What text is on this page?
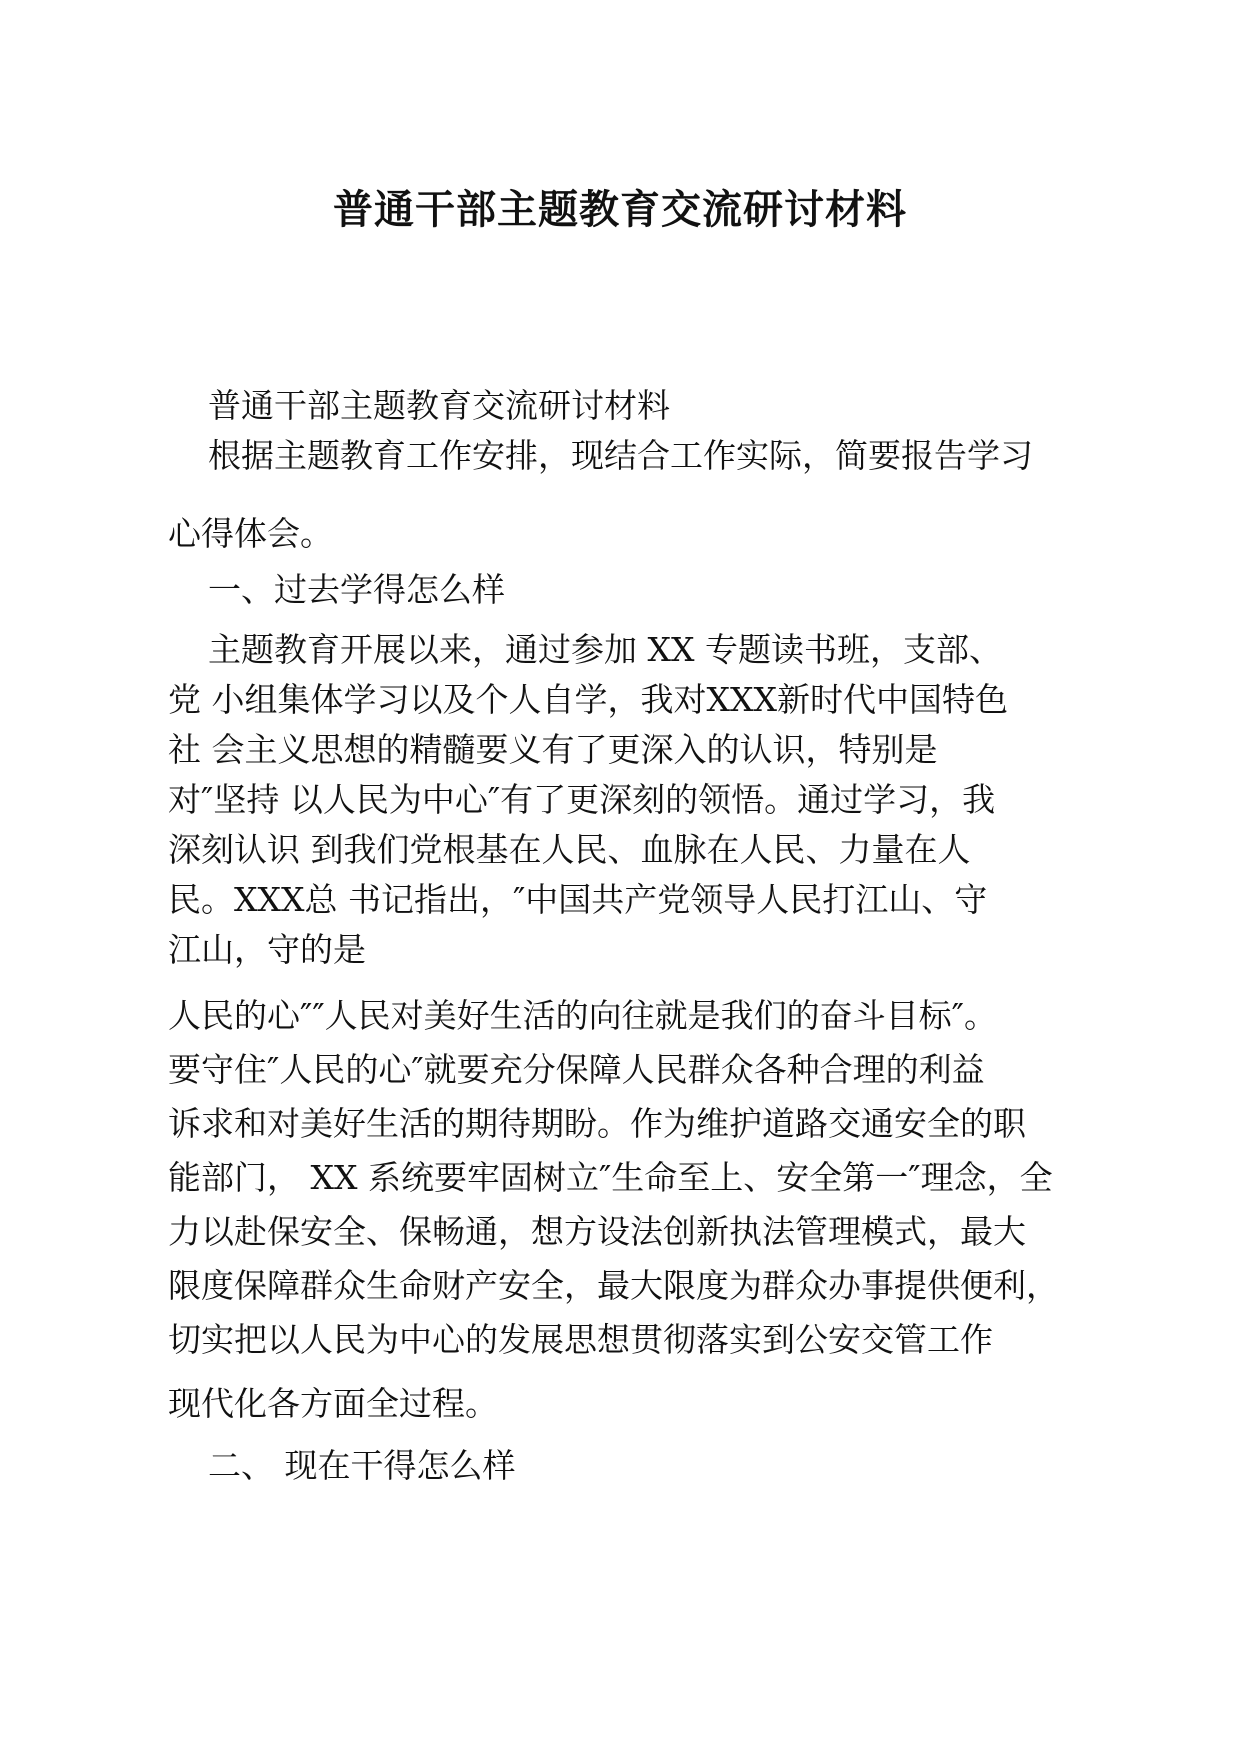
普通干部主题教育交流研讨材料
普通干部主题教育交流研讨材料
根据主题教育工作安排，现结合工作实际，简要报告学习
心得体会。
一、过去学得怎么样
主题教育开展以来，通过参加 XX 专题读书班，支部、
党 小组集体学习以及个人自学，我对XXX新时代中国特色
社 会主义思想的精髓要义有了更深入的认识，特别是
对″坚持 以人民为中心″有了更深刻的领悟。通过学习，我
深刻认识 到我们党根基在人民、血脉在人民、力量在人
民。XXX总 书记指出，″中国共产党领导人民打江山、守
江山，守的是
人民的心″″人民对美好生活的向往就是我们的奋斗目标″。
要守住″人民的心″就要充分保障人民群众各种合理的利益
诉求和对美好生活的期待期盼。作为维护道路交通安全的职
能部门， XX 系统要牢固树立″生命至上、安全第一″理念，全
力以赴保安全、保畅通，想方设法创新执法管理模式，最大
限度保障群众生命财产安全，最大限度为群众办事提供便利，
切实把以人民为中心的发展思想贯彻落实到公安交管工作
现代化各方面全过程。
二、 现在干得怎么样
